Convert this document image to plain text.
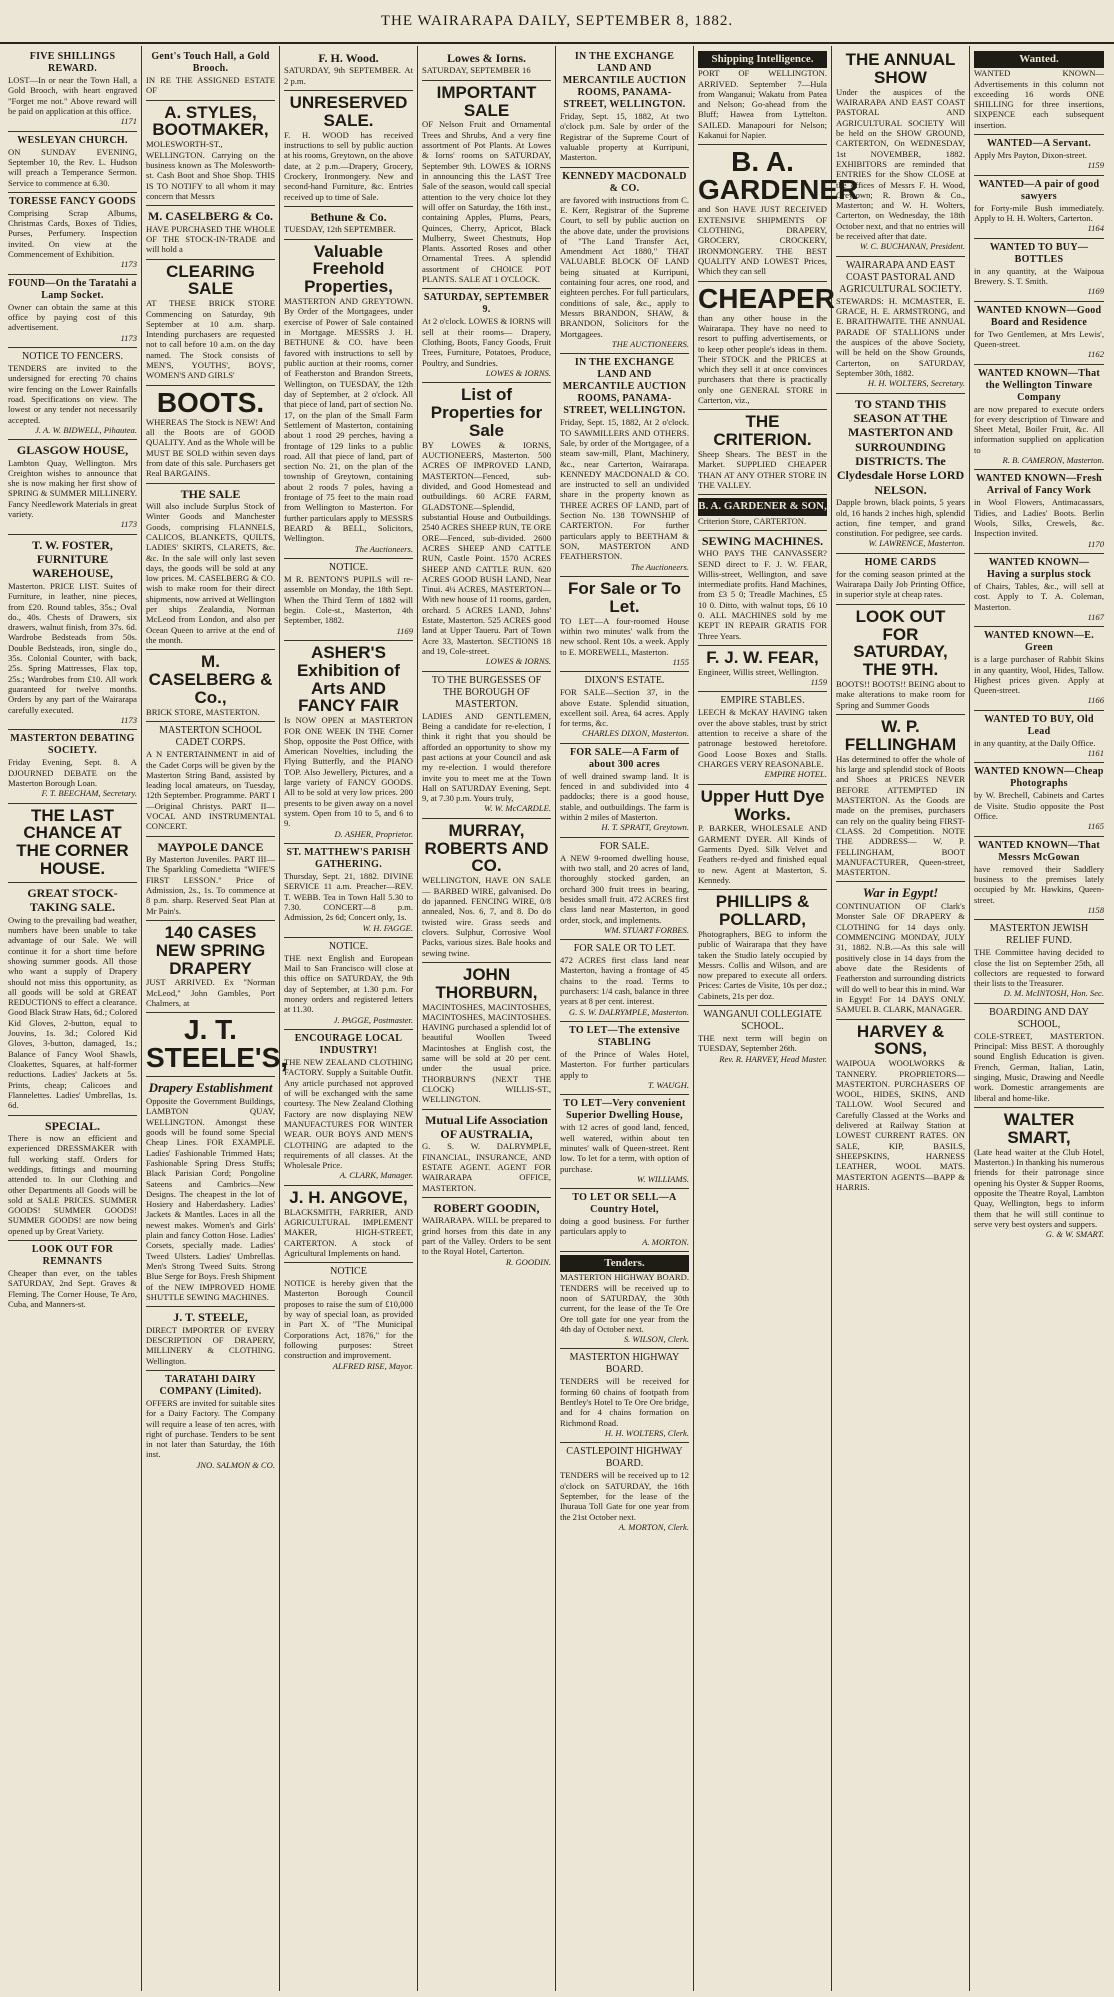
THE WAIRARAPA DAILY, SEPTEMBER 8, 1882.
FIVE SHILLINGS REWARD.
LOST—In or near the Town Hall, a Gold Brooch, with heart engraved "Forget me not." Above reward will be paid on application at this office.
1171
WESLEYAN CHURCH.
ON SUNDAY EVENING, September 10, the Rev. L. Hudson will preach a Temperance Sermon. Service to commence at 6.30.
TORESSE FANCY GOODS
Comprising Scrap Albums, Christmas Cards, Boxes of Tidies, Purses, Perfumery. Inspection invited. On view at the Commencement of Exhibition.
1173
FOUND—On the Taratahi a Lamp Socket.
Owner can obtain the same at this office by paying cost of this advertisement.
1173
NOTICE TO FENCERS.
TENDERS are invited to the undersigned for erecting 70 chains wire fencing on the Lower Rainfalls road. Specifications on view. The lowest or any tender not necessarily accepted.
J. A. W. BIDWELL, Pihautea.
GLASGOW HOUSE,
Lambton Quay, Wellington. Mrs Creighton wishes to announce that she is now making her first show of SPRING & SUMMER MILLINERY. Fancy Needlework Materials in great variety.
1173
T. W. FOSTER, FURNITURE WAREHOUSE,
Masterton. PRICE LIST. Suites of Furniture, in leather, nine pieces, from £20. Round tables, 35s.; Oval do., 40s. Chests of Drawers, six drawers, walnut finish, from 37s. 6d. Wardrobe Bedsteads from 50s. Double Bedsteads, iron, single do., 35s. Colonial Counter, with back, 25s. Spring Mattresses, Flax top, 25s.; Wardrobes from £10. All work guaranteed for twelve months. Orders by any part of the Wairarapa carefully executed.
1173
MASTERTON DEBATING SOCIETY.
Friday Evening, Sept. 8. A DJOURNED DEBATE on the Masterton Borough Loan.
F. T. BEECHAM, Secretary.
THE LAST CHANCE AT THE CORNER HOUSE.
GREAT STOCK-TAKING SALE.
Owing to the prevailing bad weather, numbers have been unable to take advantage of our Sale. We will continue it for a short time before showing summer goods. All those who want a supply of Drapery should not miss this opportunity, as all goods will be sold at GREAT REDUCTIONS to effect a clearance. Good Black Straw Hats, 6d.; Colored Kid Gloves, 2-button, equal to Jouvins, 1s. 3d.; Colored Kid Gloves, 3-button, damaged, 1s.; Balance of Fancy Wool Shawls, Cloakettes, Squares, at half-former reductions. Ladies' Jackets at 5s. Prints, cheap; Calicoes and Flannelettes. Ladies' Umbrellas, 1s. 6d.
SPECIAL.
There is now an efficient and experienced DRESSMAKER with full working staff. Orders for weddings, fittings and mourning attended to. In our Clothing and other Departments all Goods will be sold at SALE PRICES. SUMMER GOODS! SUMMER GOODS! SUMMER GOODS! are now being opened up by Great Variety.
LOOK OUT FOR REMNANTS
Cheaper than ever, on the tables SATURDAY, 2nd Sept. Graves & Fleming. The Corner House, Te Aro, Cuba, and Manners-st.
Gent's Touch Hall, a Gold Brooch.
IN RE THE ASSIGNED ESTATE OF
A. STYLES, BOOTMAKER,
MOLESWORTH-ST., WELLINGTON. Carrying on the business known as The Molesworth-st. Cash Boot and Shoe Shop. THIS IS TO NOTIFY to all whom it may concern that Messrs
M. CASELBERG & Co.
HAVE PURCHASED THE WHOLE OF THE STOCK-IN-TRADE and will hold a
CLEARING SALE
AT THESE BRICK STORE Commencing on Saturday, 9th September at 10 a.m. sharp. Intending purchasers are requested not to call before 10 a.m. on the day named. The Stock consists of MEN'S, YOUTHS', BOYS', WOMEN'S AND GIRLS'
BOOTS.
WHEREAS The Stock is NEW! And all the Boots are of GOOD QUALITY. And as the Whole will be MUST BE SOLD within seven days from date of this sale. Purchasers get Real BARGAINS.
THE SALE
Will also include Surplus Stock of Winter Goods and Manchester Goods, comprising FLANNELS, CALICOS, BLANKETS, QUILTS, LADIES' SKIRTS, CLARETS, &c. &c. In the sale will only last seven days, the goods will be sold at any low prices. M. CASELBERG & CO. wish to make room for their direct shipments, now arrived at Wellington per ships Zealandia, Norman McLeod from London, and also per Ocean Queen to arrive at the end of the month.
M. CASELBERG & Co.,
BRICK STORE, MASTERTON.
MASTERTON SCHOOL CADET CORPS.
A N ENTERTAINMENT in aid of the Cadet Corps will be given by the Masterton String Band, assisted by leading local amateurs, on Tuesday, 12th September. Programme. PART I—Original Christys. PART II—VOCAL AND INSTRUMENTAL CONCERT.
MAYPOLE DANCE
By Masterton Juveniles. PART III—The Sparkling Comedietta "WIFE'S FIRST LESSON." Price of Admission, 2s., 1s. To commence at 8 p.m. sharp. Reserved Seat Plan at Mr Pain's.
140 CASES NEW SPRING DRAPERY
JUST ARRIVED. Ex "Norman McLeod," John Gambles, Port Chalmers, at
J. T. STEELE'S,
Drapery Establishment
Opposite the Government Buildings, LAMBTON QUAY, WELLINGTON. Amongst these goods will be found some Special Cheap Lines. FOR EXAMPLE. Ladies' Fashionable Trimmed Hats; Fashionable Spring Dress Stuffs; Black Parisian Cord; Pongoline Sateens and Cambrics—New Designs. The cheapest in the lot of Hosiery and Haberdashery. Ladies' Jackets & Mantles. Laces in all the newest makes. Women's and Girls' plain and fancy Cotton Hose. Ladies' Corsets, specially made. Ladies' Tweed Ulsters. Ladies' Umbrellas. Men's Strong Tweed Suits. Strong Blue Serge for Boys. Fresh Shipment of the NEW IMPROVED HOME SHUTTLE SEWING MACHINES.
J. T. STEELE,
DIRECT IMPORTER OF EVERY DESCRIPTION OF DRAPERY, MILLINERY & CLOTHING. Wellington.
TARATAHI DAIRY COMPANY (Limited).
OFFERS are invited for suitable sites for a Dairy Factory. The Company will require a lease of ten acres, with right of purchase. Tenders to be sent in not later than Saturday, the 16th inst.
JNO. SALMON & CO.
F. H. Wood.
SATURDAY, 9th SEPTEMBER. At 2 p.m.
UNRESERVED SALE.
F. H. WOOD has received instructions to sell by public auction at his rooms, Greytown, on the above date, at 2 p.m.—Drapery, Grocery, Crockery, Ironmongery. New and second-hand Furniture, &c. Entries received up to time of Sale.
Bethune & Co.
TUESDAY, 12th SEPTEMBER.
Valuable Freehold Properties,
MASTERTON AND GREYTOWN. By Order of the Mortgagees, under exercise of Power of Sale contained in Mortgage. MESSRS J. H. BETHUNE & CO. have been favored with instructions to sell by public auction at their rooms, corner of Featherston and Brandon Streets, Wellington, on TUESDAY, the 12th day of September, at 2 o'clock. All that piece of land, part of section No. 17, on the plan of the Small Farm Settlement of Masterton, containing about 1 rood 29 perches, having a frontage of 129 links to a public road. All that piece of land, part of section No. 21, on the plan of the township of Greytown, containing about 2 roods 7 poles, having a frontage of 75 feet to the main road from Wellington to Masterton. For further particulars apply to MESSRS BEARD & BELL, Solicitors, Wellington.
The Auctioneers.
NOTICE.
M R. BENTON'S PUPILS will re-assemble on Monday, the 18th Sept. When the Third Term of 1882 will begin. Cole-st., Masterton, 4th September, 1882.
1169
ASHER'S Exhibition of Arts AND FANCY FAIR
Is NOW OPEN at MASTERTON FOR ONE WEEK IN THE Corner Shop, opposite the Post Office, with American Novelties, including the Flying Butterfly, and the PIANO TOP. Also Jewellery, Pictures, and a large variety of FANCY GOODS. All to be sold at very low prices. 200 presents to be given away on a novel system. Open from 10 to 5, and 6 to 9.
D. ASHER, Proprietor.
ST. MATTHEW'S PARISH GATHERING.
Thursday, Sept. 21, 1882. DIVINE SERVICE 11 a.m. Preacher—REV. T. WEBB. Tea in Town Hall 5.30 to 7.30. CONCERT—8 p.m. Admission, 2s 6d; Concert only, 1s.
W. H. FAGGE.
NOTICE.
THE next English and European Mail to San Francisco will close at this office on SATURDAY, the 9th day of September, at 1.30 p.m. For money orders and registered letters at 11.30.
J. PAGGE, Postmaster.
ENCOURAGE LOCAL INDUSTRY!
THE NEW ZEALAND CLOTHING FACTORY. Supply a Suitable Outfit. Any article purchased not approved of will be exchanged with the same courtesy. The New Zealand Clothing Factory are now displaying NEW MANUFACTURES FOR WINTER WEAR. OUR BOYS AND MEN'S CLOTHING are adapted to the requirements of all classes. At the Wholesale Price.
A. CLARK, Manager.
J. H. ANGOVE,
BLACKSMITH, FARRIER, AND AGRICULTURAL IMPLEMENT MAKER, HIGH-STREET, CARTERTON. A stock of Agricultural Implements on hand.
NOTICE
NOTICE is hereby given that the Masterton Borough Council proposes to raise the sum of £10,000 by way of special loan, as provided in Part X. of "The Municipal Corporations Act, 1876," for the following purposes: Street construction and improvement.
ALFRED RISE, Mayor.
Lowes & Iorns.
SATURDAY, SEPTEMBER 16
IMPORTANT SALE
OF Nelson Fruit and Ornamental Trees and Shrubs, And a very fine assortment of Pot Plants. At Lowes & Iorns' rooms on SATURDAY, September 9th. LOWES & IORNS in announcing this the LAST Tree Sale of the season, would call special attention to the very choice lot they will offer on Saturday, the 16th inst., containing Apples, Plums, Pears, Quinces, Cherry, Apricot, Black Mulberry, Sweet Chestnuts, Hop Plants. Assorted Roses and other Ornamental Trees. A splendid assortment of CHOICE POT PLANTS. SALE AT 1 O'CLOCK.
SATURDAY, SEPTEMBER 9.
At 2 o'clock. LOWES & IORNS will sell at their rooms— Drapery, Clothing, Boots, Fancy Goods, Fruit Trees, Furniture, Potatoes, Produce, Poultry, and Sundries.
LOWES & IORNS.
List of Properties for Sale
BY LOWES & IORNS, AUCTIONEERS, Masterton. 500 ACRES OF IMPROVED LAND, MASTERTON—Fenced, sub-divided, and Good Homestead and outbuildings. 60 ACRE FARM, GLADSTONE—Splendid, substantial House and Outbuildings. 2540 ACRES SHEEP RUN, TE ORE ORE—Fenced, sub-divided. 2600 ACRES SHEEP AND CATTLE RUN, Castle Point. 1570 ACRES SHEEP AND CATTLE RUN. 620 ACRES GOOD BUSH LAND, Near Tinui. 4¼ ACRES, MASTERTON—With new house of 11 rooms, garden, orchard. 5 ACRES LAND, Johns' Estate, Masterton. 525 ACRES good land at Upper Taueru. Part of Town Acre 33, Masterton. SECTIONS 18 and 19, Cole-street.
LOWES & IORNS.
TO THE BURGESSES OF THE BOROUGH OF MASTERTON.
LADIES AND GENTLEMEN, Being a candidate for re-election, I think it right that you should be afforded an opportunity to show my past actions at your Council and ask my re-election. I would therefore invite you to meet me at the Town Hall on SATURDAY Evening, Sept. 9, at 7.30 p.m. Yours truly,
W. W. McCARDLE.
MURRAY, ROBERTS AND CO.
WELLINGTON, HAVE ON SALE— BARBED WIRE, galvanised. Do do japanned. FENCING WIRE, 0/8 annealed, Nos. 6, 7, and 8. Do do twisted wire. Grass seeds and clovers. Sulphur, Corrosive Wool Packs, various sizes. Bale hooks and sewing twine.
JOHN THORBURN,
MACINTOSHES, MACINTOSHES, MACINTOSHES, MACINTOSHES. HAVING purchased a splendid lot of beautiful Woollen Tweed Macintoshes at English cost, the same will be sold at 20 per cent. under the usual price. THORBURN'S (NEXT THE CLOCK) WILLIS-ST., WELLINGTON.
Mutual Life Association OF AUSTRALIA,
G. S. W. DALRYMPLE, FINANCIAL, INSURANCE, AND ESTATE AGENT. AGENT FOR WAIRARAPA OFFICE, MASTERTON.
ROBERT GOODIN,
WAIRARAPA. WILL be prepared to grind horses from this date in any part of the Valley. Orders to be sent to the Royal Hotel, Carterton.
R. GOODIN.
IN THE EXCHANGE LAND AND MERCANTILE AUCTION ROOMS, PANAMA-STREET, WELLINGTON.
Friday, Sept. 15, 1882, At two o'clock p.m. Sale by order of the Registrar of the Supreme Court of valuable property at Kurripuni, Masterton.
KENNEDY MACDONALD & CO.
are favored with instructions from C. E. Kerr, Registrar of the Supreme Court, to sell by public auction on the above date, under the provisions of "The Land Transfer Act, Amendment Act 1880," THAT VALUABLE BLOCK OF LAND being situated at Kurripuni, containing four acres, one rood, and eighteen perches. For full particulars, conditions of sale, &c., apply to Messrs BRANDON, SHAW, & BRANDON, Solicitors for the Mortgagees.
THE AUCTIONEERS.
IN THE EXCHANGE LAND AND MERCANTILE AUCTION ROOMS, PANAMA-STREET, WELLINGTON.
Friday, Sept. 15, 1882, At 2 o'clock. TO SAWMILLERS AND OTHERS. Sale, by order of the Mortgagee, of a steam saw-mill, Plant, Machinery, &c., near Carterton, Wairarapa. KENNEDY MACDONALD & CO. are instructed to sell an undivided share in the property known as THREE ACRES OF LAND, part of Section No. 138 TOWNSHIP of CARTERTON. For further particulars apply to BEETHAM & SON, MASTERTON AND FEATHERSTON.
The Auctioneers.
For Sale or To Let.
TO LET—A four-roomed House within two minutes' walk from the new school. Rent 10s. a week. Apply to E. MOREWELL, Masterton.
1155
DIXON'S ESTATE.
FOR SALE—Section 37, in the above Estate. Splendid situation, excellent soil. Area, 64 acres. Apply for terms, &c.
CHARLES DIXON, Masterton.
FOR SALE—A Farm of about 300 acres
of well drained swamp land. It is fenced in and subdivided into 4 paddocks; there is a good house, stable, and outbuildings. The farm is within 2 miles of Masterton.
H. T. SPRATT, Greytown.
FOR SALE.
A NEW 9-roomed dwelling house, with two stall, and 20 acres of land, thoroughly stocked garden, an orchard 300 fruit trees in bearing, besides small fruit. 472 ACRES first class land near Masterton, in good order, stock, and implements.
WM. STUART FORBES.
FOR SALE OR TO LET.
472 ACRES first class land near Masterton, having a frontage of 45 chains to the road. Terms to purchasers: 1/4 cash, balance in three years at 8 per cent. interest.
G. S. W. DALRYMPLE, Masterton.
TO LET—The extensive STABLING
of the Prince of Wales Hotel, Masterton. For further particulars apply to
T. WAUGH.
TO LET—Very convenient Superior Dwelling House,
with 12 acres of good land, fenced, well watered, within about ten minutes' walk of Queen-street. Rent low. To let for a term, with option of purchase.
W. WILLIAMS.
TO LET OR SELL—A Country Hotel,
doing a good business. For further particulars apply to
A. MORTON.
Tenders.
MASTERTON HIGHWAY BOARD. TENDERS will be received up to noon of SATURDAY, the 30th current, for the lease of the Te Ore Ore toll gate for one year from the 4th day of October next.
S. WILSON, Clerk.
MASTERTON HIGHWAY BOARD.
TENDERS will be received for forming 60 chains of footpath from Bentley's Hotel to Te Ore Ore bridge, and for 4 chains formation on Richmond Road.
H. H. WOLTERS, Clerk.
CASTLEPOINT HIGHWAY BOARD.
TENDERS will be received up to 12 o'clock on SATURDAY, the 16th September, for the lease of the Ihuraua Toll Gate for one year from the 21st October next.
A. MORTON, Clerk.
Shipping Intelligence.
PORT OF WELLINGTON. ARRIVED. September 7—Hula from Wanganui; Wakatu from Patea and Nelson; Go-ahead from the Bluff; Hawea from Lyttelton. SAILED. Manapouri for Nelson; Kakanui for Napier.
B. A. GARDENER
and Son HAVE JUST RECEIVED EXTENSIVE SHIPMENTS OF CLOTHING, DRAPERY, GROCERY, CROCKERY, IRONMONGERY. THE BEST QUALITY AND LOWEST Prices, Which they can sell
CHEAPER
than any other house in the Wairarapa. They have no need to resort to puffing advertisements, or to keep other people's ideas in them. Their STOCK and the PRICES at which they sell it at once convinces purchasers that there is practically only one GENERAL STORE in Carterton, viz.,
THE CRITERION.
Sheep Shears. The BEST in the Market. SUPPLIED CHEAPER THAN AT ANY OTHER STORE IN THE VALLEY.
B. A. GARDENER & SON,
Criterion Store, CARTERTON.
SEWING MACHINES.
WHO PAYS THE CANVASSER? SEND direct to F. J. W. FEAR, Willis-street, Wellington, and save intermediate profits. Hand Machines, from £3 5 0; Treadle Machines, £5 10 0. Ditto, with walnut tops, £6 10 0. ALL MACHINES sold by me KEPT IN REPAIR GRATIS FOR Three Years.
F. J. W. FEAR,
Engineer, Willis street, Wellington.
1159
EMPIRE STABLES.
LEECH & McKAY HAVING taken over the above stables, trust by strict attention to receive a share of the patronage bestowed heretofore. Good Loose Boxes and Stalls. CHARGES VERY REASONABLE.
EMPIRE HOTEL.
Upper Hutt Dye Works.
P. BARKER, WHOLESALE AND GARMENT DYER. All Kinds of Garments Dyed. Silk Velvet and Feathers re-dyed and finished equal to new. Agent at Masterton, S. Kennedy.
PHILLIPS & POLLARD,
Photographers, BEG to inform the public of Wairarapa that they have taken the Studio lately occupied by Messrs. Collis and Wilson, and are now prepared to execute all orders. Prices: Cartes de Visite, 10s per doz.; Cabinets, 21s per doz.
WANGANUI COLLEGIATE SCHOOL.
THE next term will begin on TUESDAY, September 26th.
Rev. R. HARVEY, Head Master.
THE ANNUAL SHOW
Under the auspices of the WAIRARAPA AND EAST COAST PASTORAL AND AGRICULTURAL SOCIETY Will be held on the SHOW GROUND, CARTERTON, On WEDNESDAY, 1st NOVEMBER, 1882. EXHIBITORS are reminded that ENTRIES for the Show CLOSE at the offices of Messrs F. H. Wood, Greytown; R. Brown & Co., Masterton; and W. H. Wolters, Carterton, on Wednesday, the 18th October next, and that no entries will be received after that date.
W. C. BUCHANAN, President.
WAIRARAPA AND EAST COAST PASTORAL AND AGRICULTURAL SOCIETY.
STEWARDS: H. MCMASTER, E. GRACE, H. E. ARMSTRONG, and E. BRAITHWAITE. THE ANNUAL PARADE OF STALLIONS under the auspices of the above Society, will be held on the Show Grounds, Carterton, on SATURDAY, September 30th, 1882.
H. H. WOLTERS, Secretary.
TO STAND THIS SEASON AT THE MASTERTON AND SURROUNDING DISTRICTS. The Clydesdale Horse LORD NELSON.
Dapple brown, black points, 5 years old, 16 hands 2 inches high, splendid action, fine temper, and grand constitution. For pedigree, see cards.
W. LAWRENCE, Masterton.
HOME CARDS
for the coming season printed at the Wairarapa Daily Job Printing Office, in superior style at cheap rates.
LOOK OUT FOR SATURDAY, THE 9TH.
BOOTS!! BOOTS!! BEING about to make alterations to make room for Spring and Summer Goods
W. P. FELLINGHAM
Has determined to offer the whole of his large and splendid stock of Boots and Shoes at PRICES NEVER BEFORE ATTEMPTED IN MASTERTON. As the Goods are made on the premises, purchasers can rely on the quality being FIRST-CLASS. 2d Competition. NOTE THE ADDRESS— W. P. FELLINGHAM, BOOT MANUFACTURER, Queen-street, MASTERTON.
War in Egypt!
CONTINUATION OF Clark's Monster Sale OF DRAPERY & CLOTHING for 14 days only. COMMENCING MONDAY, JULY 31, 1882. N.B.—As this sale will positively close in 14 days from the above date the Residents of Featherston and surrounding districts will do well to bear this in mind. War in Egypt! For 14 DAYS ONLY. SAMUEL B. CLARK, MANAGER.
HARVEY & SONS,
WAIPOUA WOOLWORKS & TANNERY. PROPRIETORS—MASTERTON. PURCHASERS OF WOOL, HIDES, SKINS, AND TALLOW. Wool Secured and Carefully Classed at the Works and delivered at Railway Station at LOWEST CURRENT RATES. ON SALE, KIP, BASILS, SHEEPSKINS, HARNESS LEATHER, WOOL MATS. MASTERTON AGENTS—BAPP & HARRIS.
Wanted.
WANTED KNOWN—Advertisements in this column not exceeding 16 words ONE SHILLING for three insertions, SIXPENCE each subsequent insertion.
WANTED—A Servant.
Apply Mrs Payton, Dixon-street.
1159
WANTED—A pair of good sawyers
for Forty-mile Bush immediately. Apply to H. H. Wolters, Carterton.
1164
WANTED TO BUY—BOTTLES
in any quantity, at the Waipoua Brewery. S. T. Smith.
1169
WANTED KNOWN—Good Board and Residence
for Two Gentlemen, at Mrs Lewis', Queen-street.
1162
WANTED KNOWN—That the Wellington Tinware Company
are now prepared to execute orders for every description of Tinware and Sheet Metal, Boiler Fruit, &c. All information supplied on application to
R. B. CAMERON, Masterton.
WANTED KNOWN—Fresh Arrival of Fancy Work
in Wool Flowers, Antimacassars, Tidies, and Ladies' Boots. Berlin Wools, Silks, Crewels, &c. Inspection invited.
1170
WANTED KNOWN—Having a surplus stock
of Chairs, Tables, &c., will sell at cost. Apply to T. A. Coleman, Masterton.
1167
WANTED KNOWN—E. Green
is a large purchaser of Rabbit Skins in any quantity, Wool, Hides, Tallow. Highest prices given. Apply at Queen-street.
1166
WANTED TO BUY, Old Lead
in any quantity, at the Daily Office.
1161
WANTED KNOWN—Cheap Photographs
by W. Brechell, Cabinets and Cartes de Visite. Studio opposite the Post Office.
1165
WANTED KNOWN—That Messrs McGowan
have removed their Saddlery business to the premises lately occupied by Mr. Hawkins, Queen-street.
1158
MASTERTON JEWISH RELIEF FUND.
THE Committee having decided to close the list on September 25th, all collectors are requested to forward their lists to the Treasurer.
D. M. McINTOSH, Hon. Sec.
BOARDING AND DAY SCHOOL,
COLE-STREET, MASTERTON. Principal: Miss BEST. A thoroughly sound English Education is given. French, German, Italian, Latin, singing, Music, Drawing and Needle work. Domestic arrangements are liberal and home-like.
WALTER SMART,
(Late head waiter at the Club Hotel, Masterton.) In thanking his numerous friends for their patronage since opening his Oyster & Supper Rooms, opposite the Theatre Royal, Lambton Quay, Wellington, begs to inform them that he will still continue to serve very best oysters and suppers.
G. & W. SMART.
